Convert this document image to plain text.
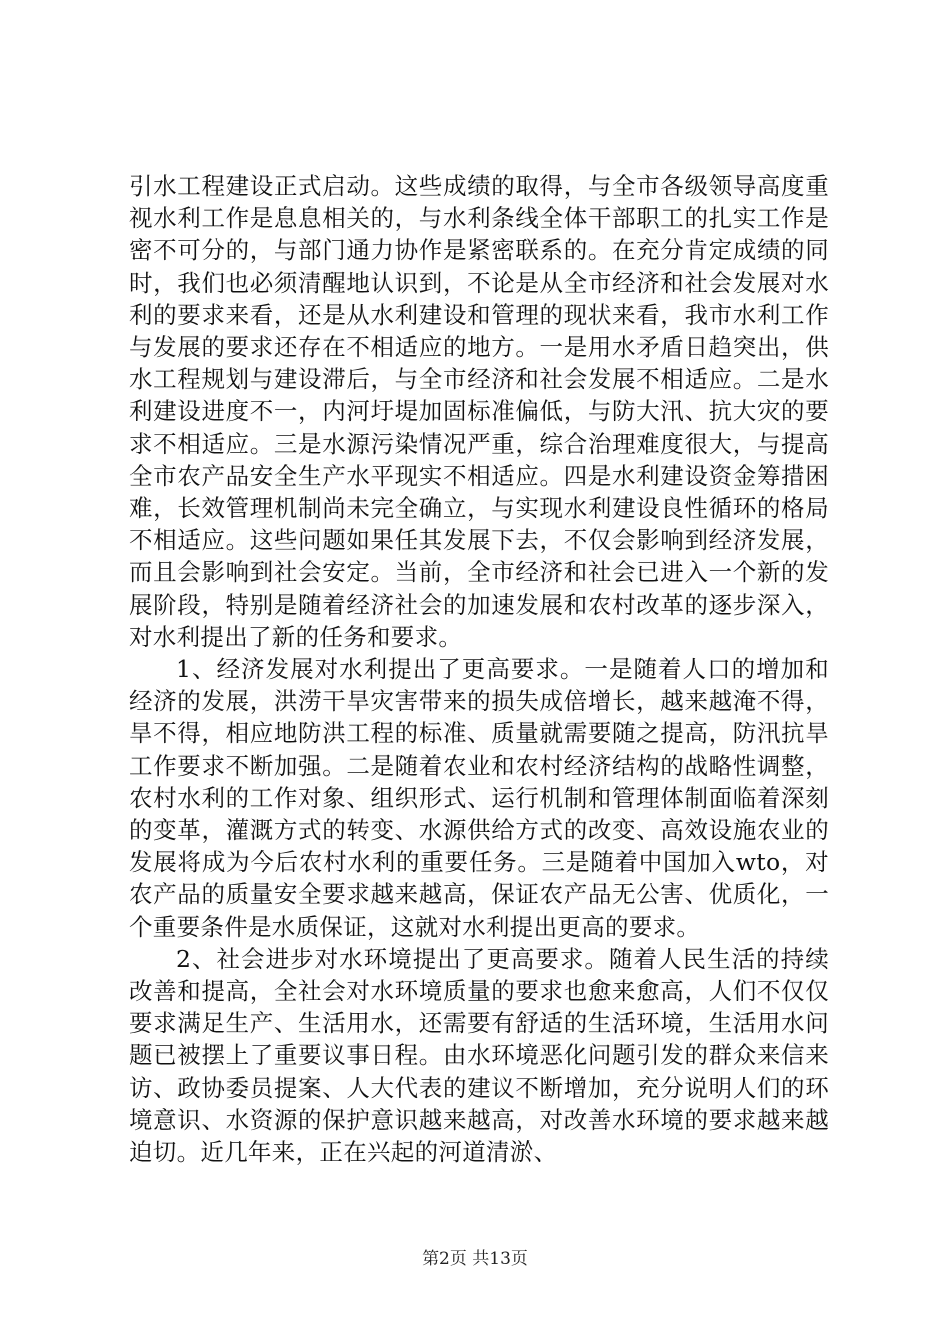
引水工程建设正式启动。这些成绩的取得，与全市各级领导高度重视水利工作是息息相关的，与水利条线全体干部职工的扎实工作是密不可分的，与部门通力协作是紧密联系的。在充分肯定成绩的同时，我们也必须清醒地认识到，不论是从全市经济和社会发展对水利的要求来看，还是从水利建设和管理的现状来看，我市水利工作与发展的要求还存在不相适应的地方。一是用水矛盾日趋突出，供水工程规划与建设滞后，与全市经济和社会发展不相适应。二是水利建设进度不一，内河圩堤加固标准偏低，与防大汛、抗大灾的要求不相适应。三是水源污染情况严重，综合治理难度很大，与提高全市农产品安全生产水平现实不相适应。四是水利建设资金筹措困难，长效管理机制尚未完全确立，与实现水利建设良性循环的格局不相适应。这些问题如果任其发展下去，不仅会影响到经济发展，而且会影响到社会安定。当前，全市经济和社会已进入一个新的发展阶段，特别是随着经济社会的加速发展和农村改革的逐步深入，对水利提出了新的任务和要求。

1、经济发展对水利提出了更高要求。一是随着人口的增加和经济的发展，洪涝干旱灾害带来的损失成倍增长，越来越淹不得，旱不得，相应地防洪工程的标准、质量就需要随之提高，防汛抗旱工作要求不断加强。二是随着农业和农村经济结构的战略性调整，农村水利的工作对象、组织形式、运行机制和管理体制面临着深刻的变革，灌溉方式的转变、水源供给方式的改变、高效设施农业的发展将成为今后农村水利的重要任务。三是随着中国加入wto，对农产品的质量安全要求越来越高，保证农产品无公害、优质化，一个重要条件是水质保证，这就对水利提出更高的要求。

2、社会进步对水环境提出了更高要求。随着人民生活的持续改善和提高，全社会对水环境质量的要求也愈来愈高，人们不仅仅要求满足生产、生活用水，还需要有舒适的生活环境，生活用水问题已被摆上了重要议事日程。由水环境恶化问题引发的群众来信来访、政协委员提案、人大代表的建议不断增加，充分说明人们的环境意识、水资源的保护意识越来越高，对改善水环境的要求越来越迫切。近几年来，正在兴起的河道清淤、

第2页 共13页
